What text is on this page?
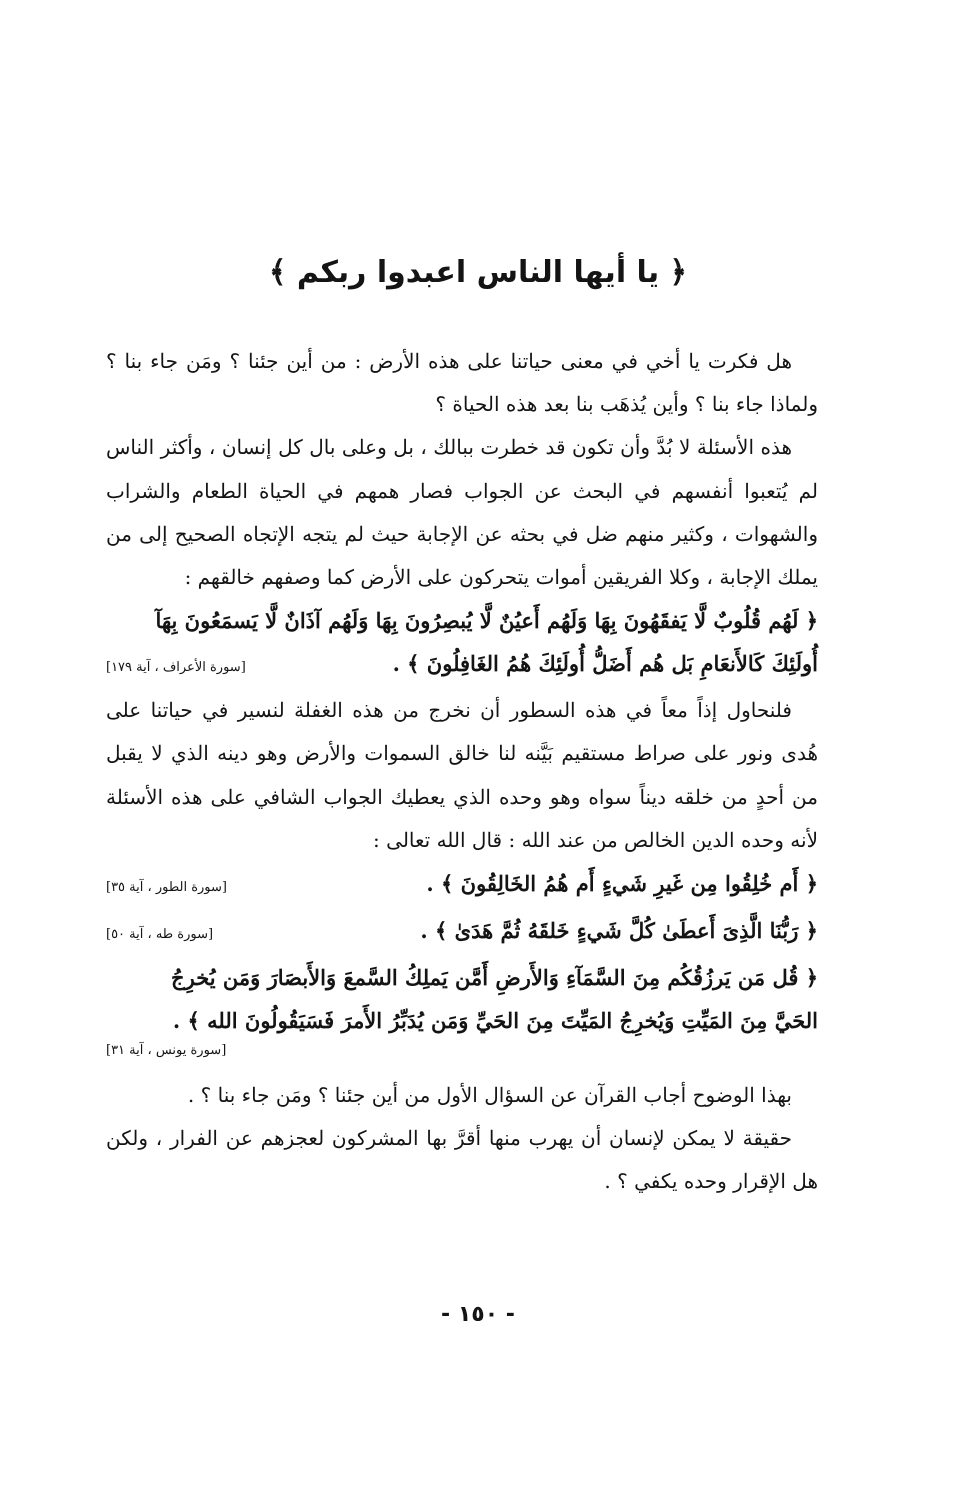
﴿ يا أيها الناس اعبدوا ربكم ﴾

هل فكرت يا أخي في معنى حياتنا على هذه الأرض : من أين جئنا ؟ ومَن جاء بنا ؟ ولماذا جاء بنا ؟ وأين يُذهَب بنا بعد هذه الحياة ؟

هذه الأسئلة لا بُدَّ وأن تكون قد خطرت ببالك ، بل وعلى بال كل إنسان ، وأكثر الناس لم يُتعبوا أنفسهم في البحث عن الجواب فصار همهم في الحياة الطعام والشراب والشهوات ، وكثير منهم ضل في بحثه عن الإجابة حيث لم يتجه الإتجاه الصحيح إلى من يملك الإجابة ، وكلا الفريقين أموات يتحركون على الأرض كما وصفهم خالقهم :

﴿ لَهُم قُلُوبٌ لَّا يَفقَهُونَ بِهَا وَلَهُم أَعيُنٌ لَّا يُبصِرُونَ بِهَا وَلَهُم آذَانٌ لَّا يَسمَعُونَ بِهَآ
أُولَئِكَ كَالأَنعَامِ بَل هُم أَضَلُّ أُولَئِكَ هُمُ الغَافِلُونَ ﴾ .
[سورة الأعراف ، آية ١٧٩]

فلنحاول إذاً معاً في هذه السطور أن نخرج من هذه الغفلة لنسير في حياتنا على هُدى ونور على صراط مستقيم بَيَّنه لنا خالق السموات والأرض وهو دينه الذي لا يقبل من أحدٍ من خلقه ديناً سواه وهو وحده الذي يعطيك الجواب الشافي على هذه الأسئلة لأنه وحده الدين الخالص من عند الله : قال الله تعالى :

﴿ أَم خُلِقُوا مِن غَيرِ شَيءٍ أَم هُمُ الخَالِقُونَ ﴾ .
[سورة الطور ، آية ٣٥]
﴿ رَبُّنَا الَّذِىَ أَعطَىٰ كُلَّ شَيءٍ خَلقَهُ ثُمَّ هَدَىٰ ﴾ .
[سورة طه ، آية ٥٠]
﴿ قُل مَن يَرزُقُكُم مِنَ السَّمَآءِ وَالأَرضِ أَمَّن يَملِكُ السَّمعَ وَالأَبصَارَ وَمَن يُخرِجُ
الحَيَّ مِنَ المَيِّتِ وَيُخرِجُ المَيِّتَ مِنَ الحَيِّ وَمَن يُدَبِّرُ الأَمرَ فَسَيَقُولُونَ الله ﴾ .
[سورة يونس ، آية ٣١]

بهذا الوضوح أجاب القرآن عن السؤال الأول من أين جئنا ؟ ومَن جاء بنا ؟ .

حقيقة لا يمكن لإنسان أن يهرب منها أقرَّ بها المشركون لعجزهم عن الفرار ، ولكن هل الإقرار وحده يكفي ؟ .

- ١٥٠ -
